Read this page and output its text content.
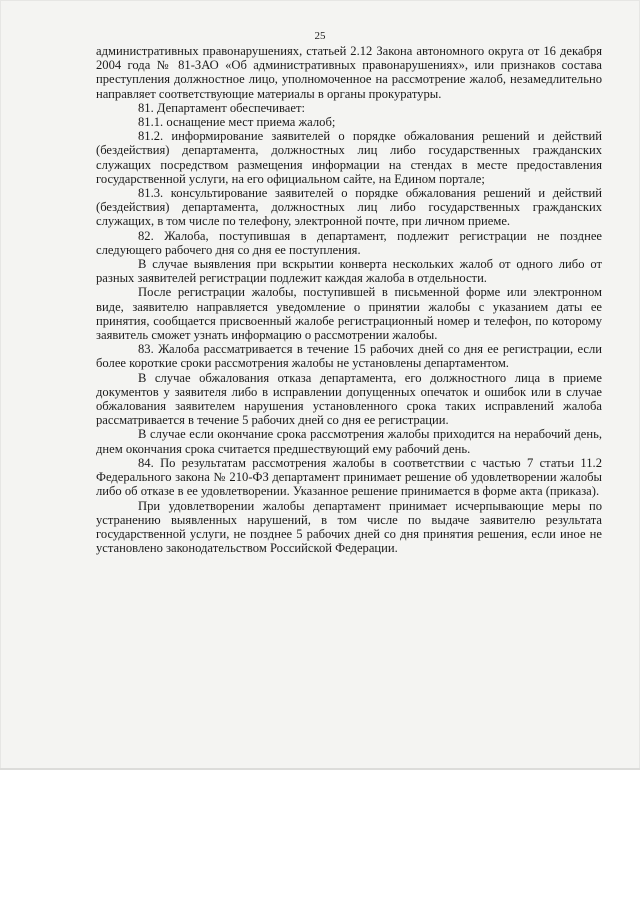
25

административных правонарушениях, статьей 2.12 Закона автономного округа от 16 декабря 2004 года № 81-ЗАО «Об административных правонарушениях», или признаков состава преступления должностное лицо, уполномоченное на рассмотрение жалоб, незамедлительно направляет соответствующие материалы в органы прокуратуры.

81. Департамент обеспечивает:

81.1. оснащение мест приема жалоб;

81.2. информирование заявителей о порядке обжалования решений и действий (бездействия) департамента, должностных лиц либо государственных гражданских служащих посредством размещения информации на стендах в месте предоставления государственной услуги, на его официальном сайте, на Едином портале;

81.3. консультирование заявителей о порядке обжалования решений и действий (бездействия) департамента, должностных лиц либо государственных гражданских служащих, в том числе по телефону, электронной почте, при личном приеме.

82. Жалоба, поступившая в департамент, подлежит регистрации не позднее следующего рабочего дня со дня ее поступления.

В случае выявления при вскрытии конверта нескольких жалоб от одного либо от разных заявителей регистрации подлежит каждая жалоба в отдельности.

После регистрации жалобы, поступившей в письменной форме или электронном виде, заявителю направляется уведомление о принятии жалобы с указанием даты ее принятия, сообщается присвоенный жалобе регистрационный номер и телефон, по которому заявитель сможет узнать информацию о рассмотрении жалобы.

83. Жалоба рассматривается в течение 15 рабочих дней со дня ее регистрации, если более короткие сроки рассмотрения жалобы не установлены департаментом.

В случае обжалования отказа департамента, его должностного лица в приеме документов у заявителя либо в исправлении допущенных опечаток и ошибок или в случае обжалования заявителем нарушения установленного срока таких исправлений жалоба рассматривается в течение 5 рабочих дней со дня ее регистрации.

В случае если окончание срока рассмотрения жалобы приходится на нерабочий день, днем окончания срока считается предшествующий ему рабочий день.

84. По результатам рассмотрения жалобы в соответствии с частью 7 статьи 11.2 Федерального закона № 210-ФЗ департамент принимает решение об удовлетворении жалобы либо об отказе в ее удовлетворении. Указанное решение принимается в форме акта (приказа).

При удовлетворении жалобы департамент принимает исчерпывающие меры по устранению выявленных нарушений, в том числе по выдаче заявителю результата государственной услуги, не позднее 5 рабочих дней со дня принятия решения, если иное не установлено законодательством Российской Федерации.
